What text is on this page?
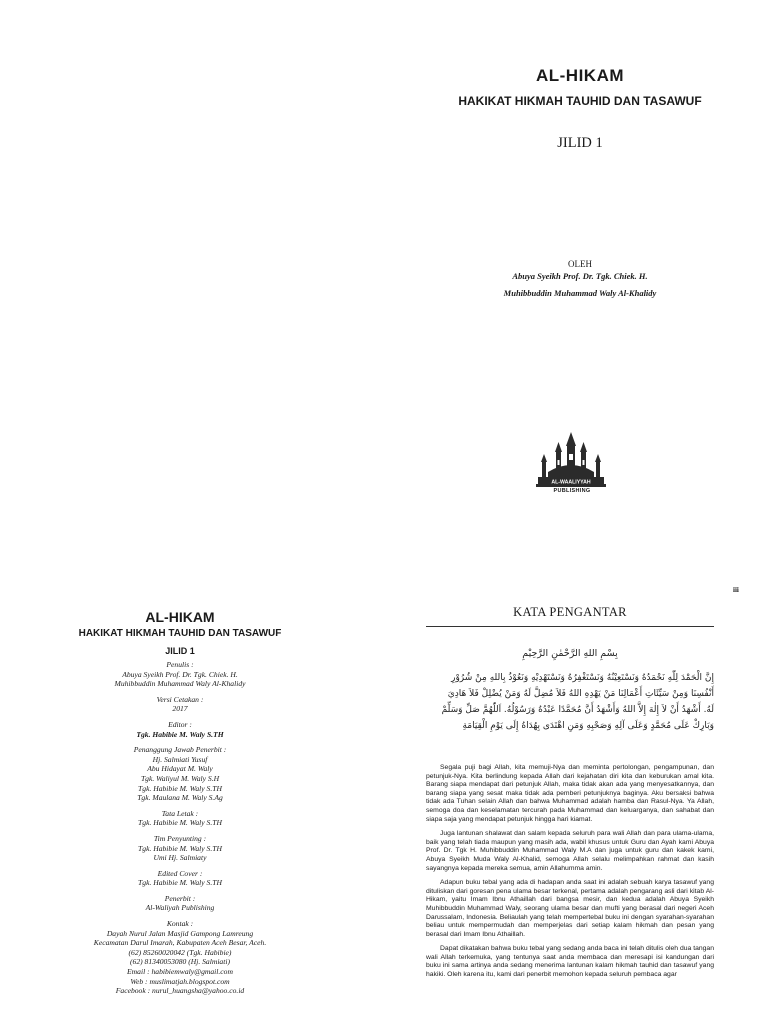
AL-HIKAM
HAKIKAT HIKMAH TAUHID DAN TASAWUF
JILID 1
OLEH
Abuya Syeikh Prof. Dr. Tgk. Chiek. H.
Muhibbuddin Muhammad Waly Al-Khalidy
AL-WAALIYYAH
PUBLISHING
iii
AL-HIKAM
HAKIKAT HIKMAH TAUHID DAN TASAWUF
JILID 1
Penulis :
Abuya Syeikh Prof. Dr. Tgk. Chiek. H.
Muhibbuddin Muhammad Waly Al-Khalidy
Versi Cetakan :
2017
Editor :
Tgk. Habibie M. Waly S.TH
Penanggung Jawab Penerbit :
Hj. Salmiati Yusuf
Abu Hidayat M. Waly
Tgk. Waliyul M. Waly S.H
Tgk. Habibie M. Waly S.TH
Tgk. Maulana M. Waly S.Ag
Tata Letak :
Tgk. Habibie M. Waly S.TH
Tim Penyunting :
Tgk. Habibie M. Waly S.TH
Umi Hj. Salmiaty
Edited Cover :
Tgk. Habibie M. Waly S.TH
Penerbit :
Al-Waliyah Publishing
Kontak :
Dayah Nurul Jalan Masjid Gampong Lamreung
Kecamatan Darul Imarah, Kabupaten Aceh Besar, Aceh.
(62) 85260020042 (Tgk. Habibie)
(62) 81340053080 (Hj. Salmiati)
Email : habibiemwaly@gmail.com
Web : muslimatjah.blogspot.com
Facebook : nurul_huangsha@yahoo.co.id
KATA PENGANTAR
بِسْمِ اللهِ الرَّحْمٰنِ الرَّحِيْمِ
إِنَّ الْحَمْدَ لِلّٰهِ نَحْمَدُهُ وَنَسْتَعِيْنُهُ وَنَسْتَغْفِرُهُ وَنَسْتَهْدِيْهِ وَنَعُوْذُ بِاللهِ مِنْ شُرُوْرِ
أَنْفُسِنَا وَمِنْ سَيِّئَاتِ أَعْمَالِنَا مَنْ يَهْدِهِ اللهُ فَلاَ مُضِلَّ لَهُ وَمَنْ يُضْلِلْ فَلاَ هَادِيَ
لَهُ. أَشْهَدُ أَنْ لاَ إِلٰهَ إِلاَّ اللهُ وَأَشْهَدُ أَنَّ مُحَمَّدًا عَبْدُهُ وَرَسُوْلُهُ. اَللّٰهُمَّ صَلِّ وَسَلِّمْ
وَبَارِكْ عَلَى مُحَمَّدٍ وَعَلَى آلِهِ وَصَحْبِهِ وَمَنِ اهْتَدَى بِهُدَاهُ إِلَى يَوْمِ الْقِيَامَةِ

Segala puji bagi Allah, kita memuji-Nya dan meminta pertolongan, pengampunan, dan petunjuk-Nya. Kita berlindung kepada Allah dari kejahatan diri kita dan keburukan amal kita. Barang siapa mendapat dari petunjuk Allah, maka tidak akan ada yang menyesatkannya, dan barang siapa yang sesat maka tidak ada pemberi petunjuknya baginya. Aku bersaksi bahwa tidak ada Tuhan selain Allah dan bahwa Muhammad adalah hamba dan Rasul-Nya. Ya Allah, semoga doa dan keselamatan tercurah pada Muhammad dan keluarganya, dan sahabat dan siapa saja yang mendapat petunjuk hingga hari kiamat.

Juga lantunan shalawat dan salam kepada seluruh para wali Allah dan para ulama-ulama, baik yang telah tiada maupun yang masih ada, wabil khusus untuk Guru dan Ayah kami Abuya Prof. Dr. Tgk H. Muhibbuddin Muhammad Waly M.A dan juga untuk guru dan kakek kami, Abuya Syeikh Muda Waly Al-Khalid, semoga Allah selalu melimpahkan rahmat dan kasih sayangnya kepada mereka semua, amin Allahumma amin.

Adapun buku tebal yang ada di hadapan anda saat ini adalah sebuah karya tasawuf yang dituliskan dari goresan pena ulama besar terkenal, pertama adalah pengarang asli dari kitab Al-Hikam, yaitu Imam Ibnu Athaillah dari bangsa mesir, dan kedua adalah Abuya Syeikh Muhibbuddin Muhammad Waly, seorang ulama besar dan mufti yang berasal dari negeri Aceh Darussalam, Indonesia. Beliaulah yang telah mempertebal buku ini dengan syarahan-syarahan beliau untuk mempermudah dan memperjelas dari setiap kalam hikmah dan pesan yang berasal dari Imam Ibnu Athaillah.

Dapat dikatakan bahwa buku tebal yang sedang anda baca ini telah ditulis oleh dua tangan wali Allah terkemuka, yang tentunya saat anda membaca dan meresapi isi kandungan dari buku ini sama artinya anda sedang menerima lantunan kalam hikmah tauhid dan tasawuf yang hakiki. Oleh karena itu, kami dari penerbit memohon kepada seluruh pembaca agar
